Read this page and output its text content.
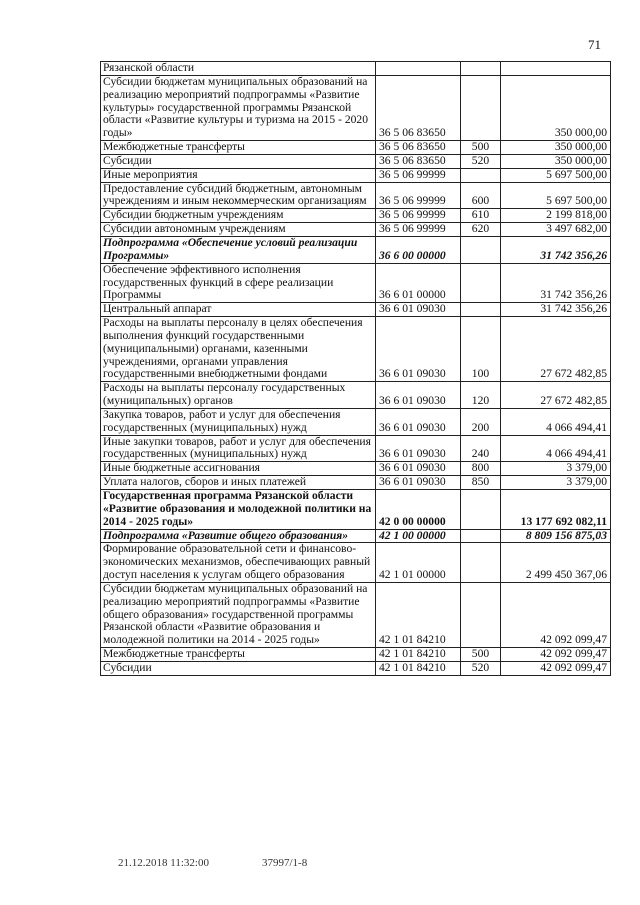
71
Рязанской области			
Субсидии бюджетам муниципальных образований на реализацию мероприятий подпрограммы «Развитие культуры» государственной программы Рязанской области «Развитие культуры и туризма на 2015 - 2020 годы»	36 5 06 83650		350 000,00
Межбюджетные трансферты	36 5 06 83650	500	350 000,00
Субсидии	36 5 06 83650	520	350 000,00
Иные мероприятия	36 5 06 99999		5 697 500,00
Предоставление субсидий бюджетным, автономным учреждениям и иным некоммерческим организациям	36 5 06 99999	600	5 697 500,00
Субсидии бюджетным учреждениям	36 5 06 99999	610	2 199 818,00
Субсидии автономным учреждениям	36 5 06 99999	620	3 497 682,00
Подпрограмма «Обеспечение условий реализации Программы»	36 6 00 00000		31 742 356,26
Обеспечение эффективного исполнения государственных функций в сфере реализации Программы	36 6 01 00000		31 742 356,26
Центральный аппарат	36 6 01 09030		31 742 356,26
Расходы на выплаты персоналу в целях обеспечения выполнения функций государственными (муниципальными) органами, казенными учреждениями, органами управления государственными внебюджетными фондами	36 6 01 09030	100	27 672 482,85
Расходы на выплаты персоналу государственных (муниципальных) органов	36 6 01 09030	120	27 672 482,85
Закупка товаров, работ и услуг для обеспечения государственных (муниципальных) нужд	36 6 01 09030	200	4 066 494,41
Иные закупки товаров, работ и услуг для обеспечения государственных (муниципальных) нужд	36 6 01 09030	240	4 066 494,41
Иные бюджетные ассигнования	36 6 01 09030	800	3 379,00
Уплата налогов, сборов и иных платежей	36 6 01 09030	850	3 379,00
Государственная программа Рязанской области «Развитие образования и молодежной политики на 2014 - 2025 годы»	42 0 00 00000		13 177 692 082,11
Подпрограмма «Развитие общего образования»	42 1 00 00000		8 809 156 875,03
Формирование образовательной сети и финансово-экономических механизмов, обеспечивающих равный доступ населения к услугам общего образования	42 1 01 00000		2 499 450 367,06
Субсидии бюджетам муниципальных образований на реализацию мероприятий подпрограммы «Развитие общего образования» государственной программы Рязанской области «Развитие образования и молодежной политики на 2014 - 2025 годы»	42 1 01 84210		42 092 099,47
Межбюджетные трансферты	42 1 01 84210	500	42 092 099,47
Субсидии	42 1 01 84210	520	42 092 099,47
21.12.2018 11:32:00	37997/1-8
